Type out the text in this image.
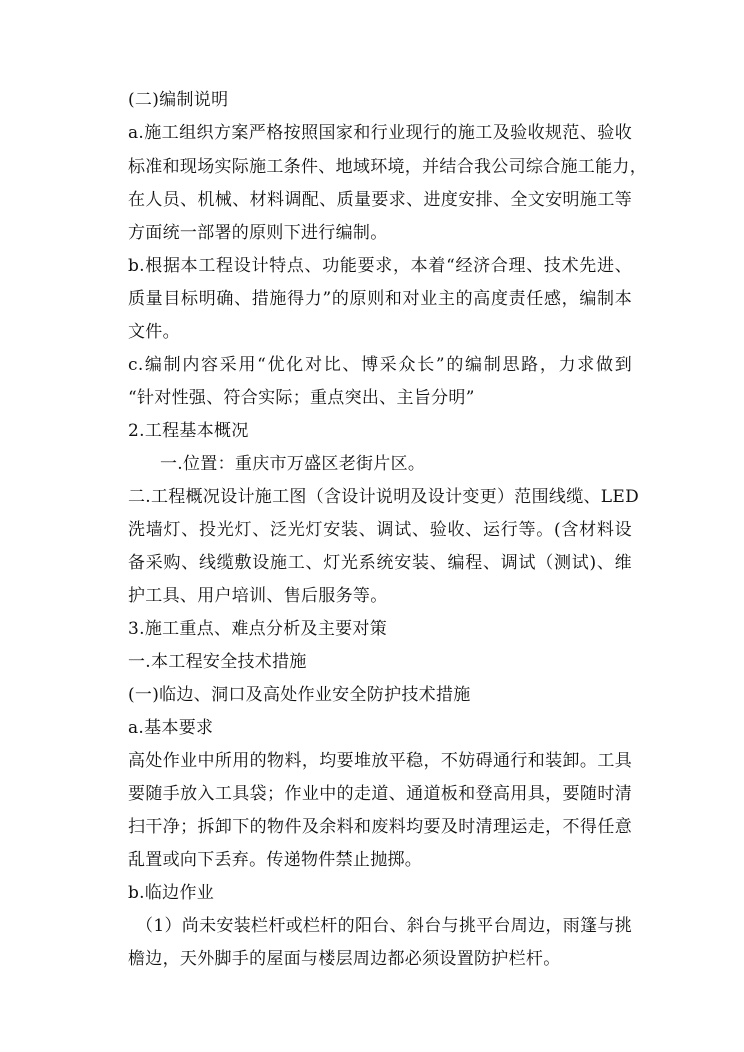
(二)编制说明
a.施工组织方案严格按照国家和行业现行的施工及验收规范、验收
标准和现场实际施工条件、地域环境，并结合我公司综合施工能力，
在人员、机械、材料调配、质量要求、进度安排、全文安明施工等
方面统一部署的原则下进行编制。
b.根据本工程设计特点、功能要求，本着“经济合理、技术先进、
质量目标明确、措施得力”的原则和对业主的高度责任感，编制本
文件。
c.编制内容采用“优化对比、博采众长”的编制思路，力求做到
“针对性强、符合实际；重点突出、主旨分明”
2.工程基本概况
一.位置：重庆市万盛区老街片区。
二.工程概况设计施工图（含设计说明及设计变更）范围线缆、LED
洗墙灯、投光灯、泛光灯安装、调试、验收、运行等。(含材料设
备采购、线缆敷设施工、灯光系统安装、编程、调试（测试)、维
护工具、用户培训、售后服务等。
3.施工重点、难点分析及主要对策
一.本工程安全技术措施
(一)临边、洞口及高处作业安全防护技术措施
a.基本要求
高处作业中所用的物料，均要堆放平稳，不妨碍通行和装卸。工具
要随手放入工具袋；作业中的走道、通道板和登高用具，要随时清
扫干净；拆卸下的物件及余料和废料均要及时清理运走，不得任意
乱置或向下丢弃。传递物件禁止抛掷。
b.临边作业
（1）尚未安装栏杆或栏杆的阳台、斜台与挑平台周边，雨篷与挑
檐边，天外脚手的屋面与楼层周边都必须设置防护栏杆。
